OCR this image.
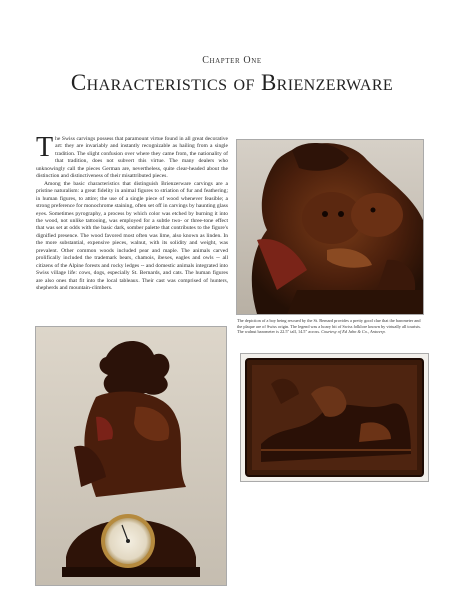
Chapter One
Characteristics of Brienzerware

The Swiss carvings possess that paramount virtue found in all great decorative art: they are invariably and instantly recognizable as hailing from a single tradition. The slight confusion over where they came from, the nationality of that tradition, does not subvert this virtue. The many dealers who unknowingly call the pieces German are, nevertheless, quite clear-headed about the distinction and distinctiveness of their misattributed pieces.

Among the basic characteristics that distinguish Brienzerware carvings are a pristine naturalism: a great fidelity in animal figures to striation of fur and feathering; in human figures, to attire; the use of a single piece of wood whenever feasible; a strong preference for monochrome staining, often set off in carvings by haunting glass eyes. Sometimes pyrography, a process by which color was etched by burning it into the wood, not unlike tattooing, was employed for a subtle two- or three-tone effect that was set at odds with the basic dark, somber palette that contributes to the figure's dignified presence. The wood favored most often was lime, also known as linden. In the more substantial, expensive pieces, walnut, with its solidity and weight, was prevalent. Other common woods included pear and maple. The animals carved prolifically included the trademark bears, chamois, ibexes, eagles and owls -- all citizens of the Alpine forests and rocky ledges -- and domestic animals integrated into Swiss village life: cows, dogs, especially St. Bernards, and cats. The human figures are also ones that fit into the local tableaux. Their cast was comprised of hunters, shepherds and mountain-climbers.

The depiction of a boy being rescued by the St. Bernard provides a pretty good clue that the barometer and the plaque are of Swiss origin. The legend was a hoary bit of Swiss folklore known by virtually all tourists. The walnut barometer is 22.5" tall, 14.5" across. Courtesy of Ed Jahn & Co., Antwerp.
